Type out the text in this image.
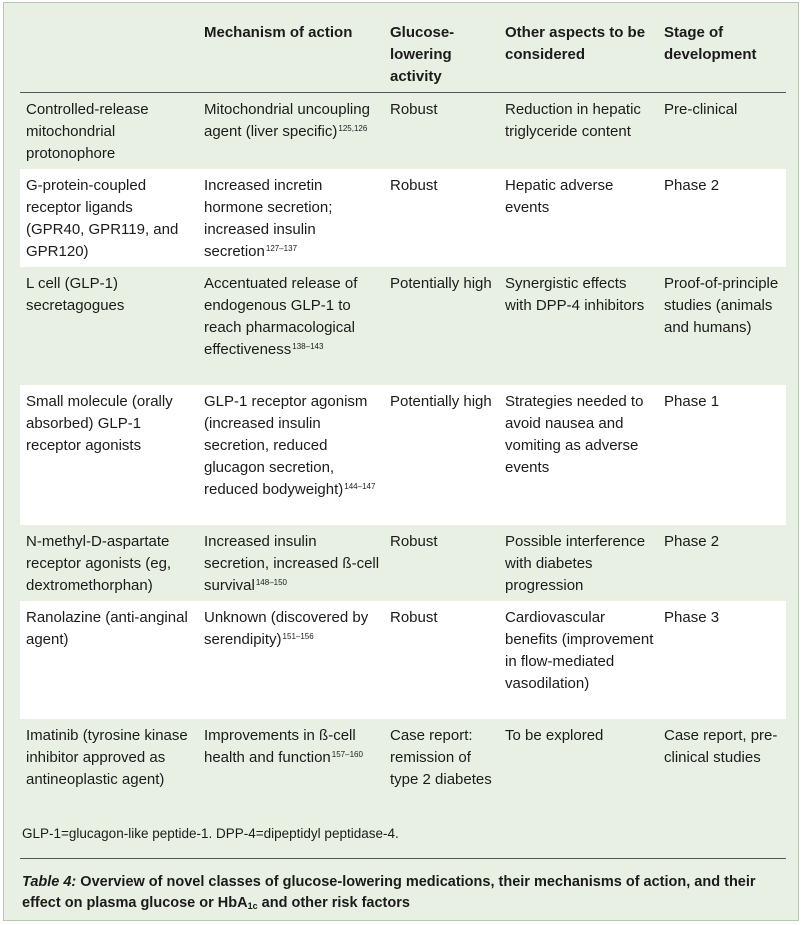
	Mechanism of action	Glucose-lowering activity	Other aspects to be considered	Stage of development
Controlled-release mitochondrial protonophore	Mitochondrial uncoupling agent (liver specific)$^{125,126}$	Robust	Reduction in hepatic triglyceride content	Pre-clinical
G-protein-coupled receptor ligands (GPR40, GPR119, and GPR120)	Increased incretin hormone secretion; increased insulin secretion$^{127-137}$	Robust	Hepatic adverse events	Phase 2
L cell (GLP-1) secretagogues	Accentuated release of endogenous GLP-1 to reach pharmacological effectiveness$^{138-143}$	Potentially high	Synergistic effects with DPP-4 inhibitors	Proof-of-principle studies (animals and humans)
Small molecule (orally absorbed) GLP-1 receptor agonists	GLP-1 receptor agonism (increased insulin secretion, reduced glucagon secretion, reduced bodyweight)$^{144-147}$	Potentially high	Strategies needed to avoid nausea and vomiting as adverse events	Phase 1
N-methyl-D-aspartate receptor agonists (eg, dextromethorphan)	Increased insulin secretion, increased ß-cell survival$^{148-150}$	Robust	Possible interference with diabetes progression	Phase 2
Ranolazine (anti-anginal agent)	Unknown (discovered by serendipity)$^{151-156}$	Robust	Cardiovascular benefits (improvement in flow-mediated vasodilation)	Phase 3
Imatinib (tyrosine kinase inhibitor approved as antineoplastic agent)	Improvements in ß-cell health and function$^{157-160}$	Case report: remission of type 2 diabetes	To be explored	Case report, pre-clinical studies
GLP-1=glucagon-like peptide-1. DPP-4=dipeptidyl peptidase-4.
Table 4: Overview of novel classes of glucose-lowering medications, their mechanisms of action, and their effect on plasma glucose or HbA$_{1c}$ and other risk factors
